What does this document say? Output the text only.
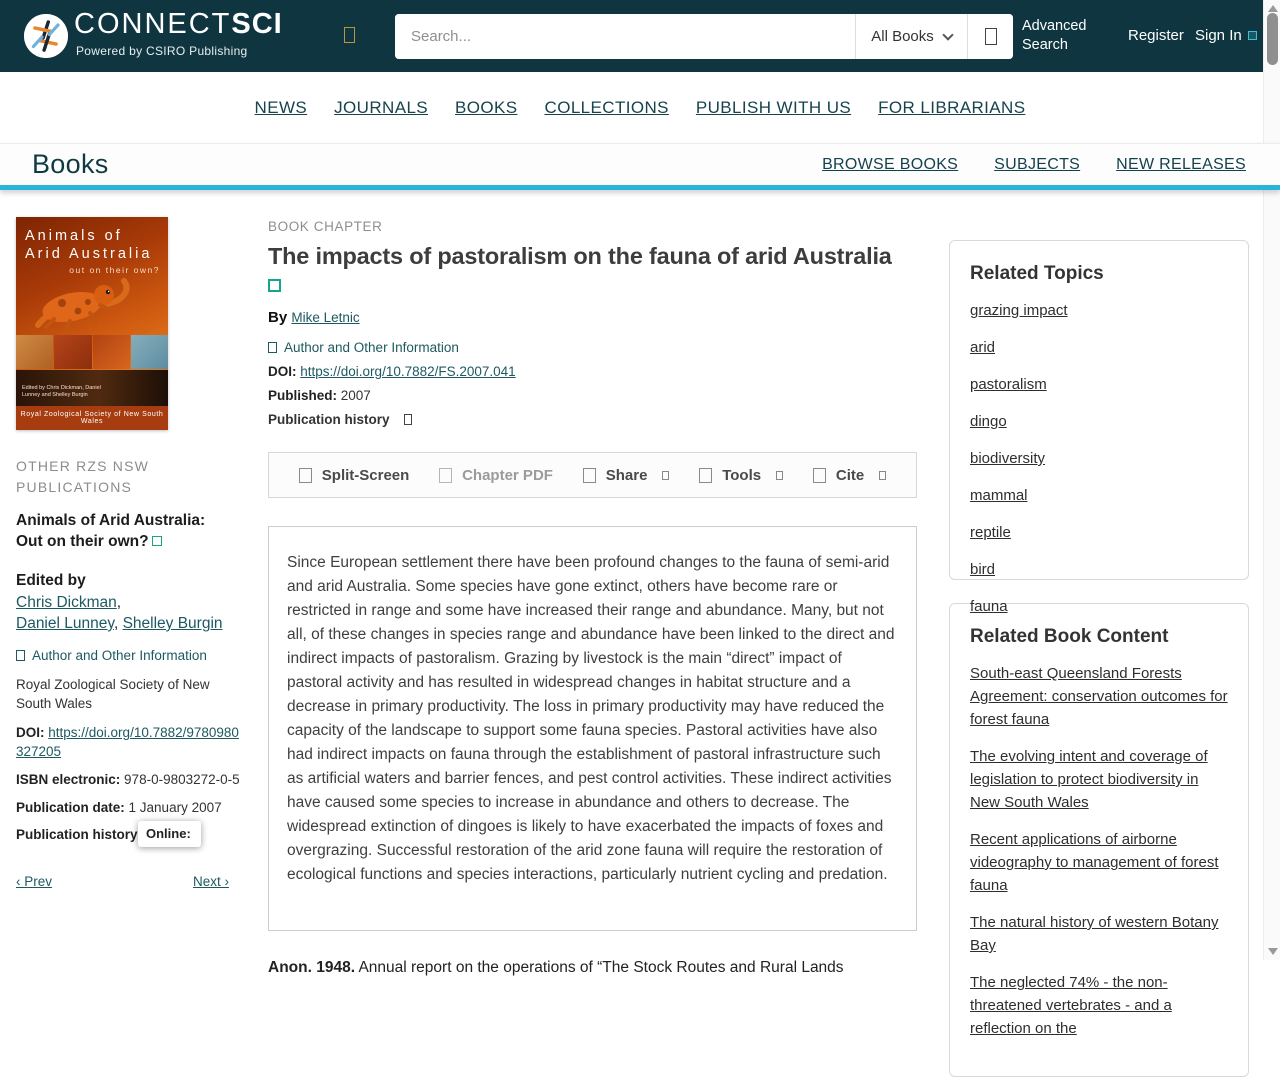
CONNECTSCI
Powered by CSIRO Publishing
Search...
All Books
Advanced
Search
Register Sign In
NEWS JOURNALS BOOKS COLLECTIONS PUBLISH WITH US FOR LIBRARIANS
Books	BROWSE BOOKS SUBJECTS NEW RELEASES
Animals of
Arid Australia
out on their own?
Edited by Chris Dickman, Daniel Lunney and Shelley Burgin
Royal Zoological Society of New South Wales
OTHER RZS NSW PUBLICATIONS
Animals of Arid Australia: Out on their own?
Edited by
Chris Dickman,
Daniel Lunney, Shelley Burgin
Author and Other Information
Royal Zoological Society of New South Wales
DOI: https://doi.org/10.7882/9780980327205
ISBN electronic: 978-0-9803272-0-5
Publication date: 1 January 2007
Publication history Online:
‹ Prev	Next ›
BOOK CHAPTER
The impacts of pastoralism on the fauna of arid Australia
By Mike Letnic
Author and Other Information
DOI: https://doi.org/10.7882/FS.2007.041
Published: 2007
Publication history
Split-Screen	Chapter PDF	Share	Tools	Cite

Since European settlement there have been profound changes to the fauna of semi-arid and arid Australia. Some species have gone extinct, others have become rare or restricted in range and some have increased their range and abundance. Many, but not all, of these changes in species range and abundance have been linked to the direct and indirect impacts of pastoralism. Grazing by livestock is the main “direct” impact of pastoral activity and has resulted in widespread changes in habitat structure and a decrease in primary productivity. The loss in primary productivity may have reduced the capacity of the landscape to support some fauna species. Pastoral activities have also had indirect impacts on fauna through the establishment of pastoral infrastructure such as artificial waters and barrier fences, and pest control activities. These indirect activities have caused some species to increase in abundance and others to decrease. The widespread extinction of dingoes is likely to have exacerbated the impacts of foxes and overgrazing. Successful restoration of the arid zone fauna will require the restoration of ecological functions and species interactions, particularly nutrient cycling and predation.

Anon. 1948. Annual report on the operations of “The Stock Routes and Rural Lands
Related Topics
grazing impact
arid
pastoralism
dingo
biodiversity
mammal
reptile
bird
fauna
Related Book Content
South-east Queensland Forests Agreement: conservation outcomes for forest fauna
The evolving intent and coverage of legislation to protect biodiversity in New South Wales
Recent applications of airborne videography to management of forest fauna
The natural history of western Botany Bay
The neglected 74% - the non-threatened vertebrates - and a reflection on the
